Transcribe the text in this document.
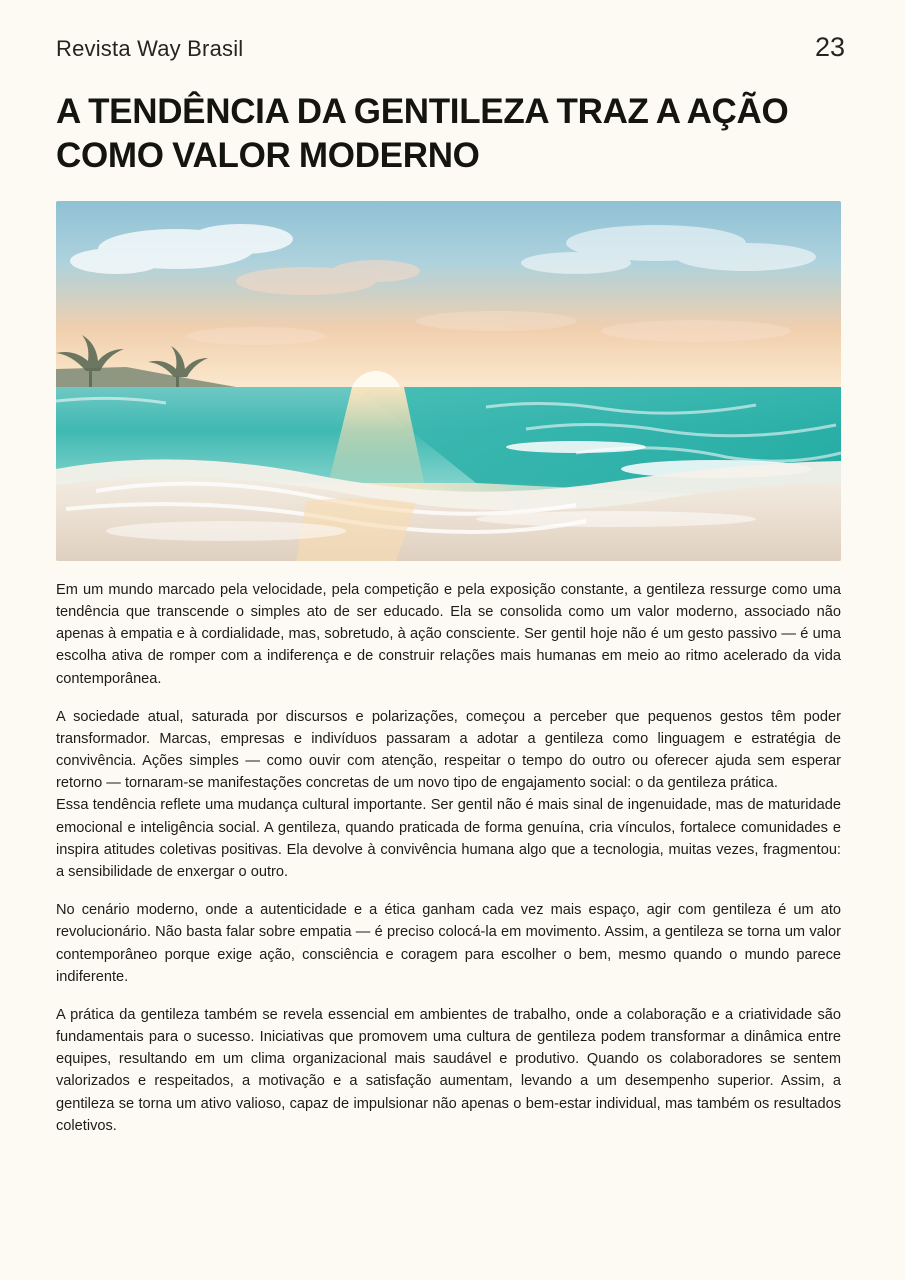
Revista Way Brasil	23
A TENDÊNCIA DA GENTILEZA TRAZ A AÇÃO COMO VALOR MODERNO

Em um mundo marcado pela velocidade, pela competição e pela exposição constante, a gentileza ressurge como uma tendência que transcende o simples ato de ser educado. Ela se consolida como um valor moderno, associado não apenas à empatia e à cordialidade, mas, sobretudo, à ação consciente. Ser gentil hoje não é um gesto passivo — é uma escolha ativa de romper com a indiferença e de construir relações mais humanas em meio ao ritmo acelerado da vida contemporânea.

A sociedade atual, saturada por discursos e polarizações, começou a perceber que pequenos gestos têm poder transformador. Marcas, empresas e indivíduos passaram a adotar a gentileza como linguagem e estratégia de convivência. Ações simples — como ouvir com atenção, respeitar o tempo do outro ou oferecer ajuda sem esperar retorno — tornaram-se manifestações concretas de um novo tipo de engajamento social: o da gentileza prática.

Essa tendência reflete uma mudança cultural importante. Ser gentil não é mais sinal de ingenuidade, mas de maturidade emocional e inteligência social. A gentileza, quando praticada de forma genuína, cria vínculos, fortalece comunidades e inspira atitudes coletivas positivas. Ela devolve à convivência humana algo que a tecnologia, muitas vezes, fragmentou: a sensibilidade de enxergar o outro.

No cenário moderno, onde a autenticidade e a ética ganham cada vez mais espaço, agir com gentileza é um ato revolucionário. Não basta falar sobre empatia — é preciso colocá-la em movimento. Assim, a gentileza se torna um valor contemporâneo porque exige ação, consciência e coragem para escolher o bem, mesmo quando o mundo parece indiferente.

A prática da gentileza também se revela essencial em ambientes de trabalho, onde a colaboração e a criatividade são fundamentais para o sucesso. Iniciativas que promovem uma cultura de gentileza podem transformar a dinâmica entre equipes, resultando em um clima organizacional mais saudável e produtivo. Quando os colaboradores se sentem valorizados e respeitados, a motivação e a satisfação aumentam, levando a um desempenho superior. Assim, a gentileza se torna um ativo valioso, capaz de impulsionar não apenas o bem-estar individual, mas também os resultados coletivos.
